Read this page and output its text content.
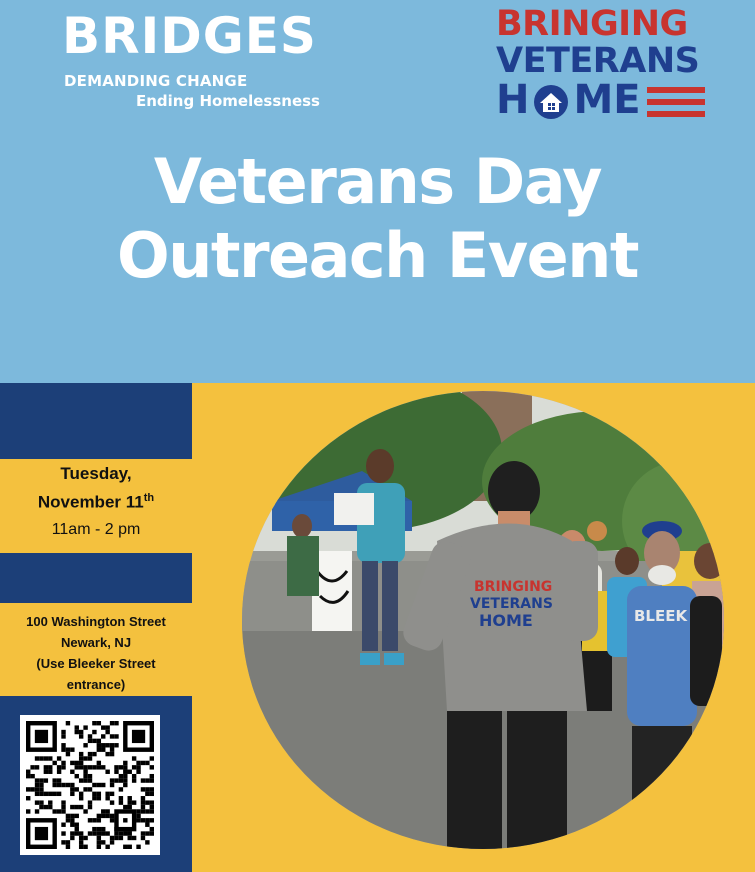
BRIDGES
DEMANDING CHANGE
Ending Homelessness
BRINGING
VETERANS
H ME
Veterans Day
Outreach Event
Tuesday,
November 11th
11am - 2 pm
100 Washington Street
Newark, NJ
(Use Bleeker Street
entrance)
BRINGING
VETERANS
HOME	BLEEK
